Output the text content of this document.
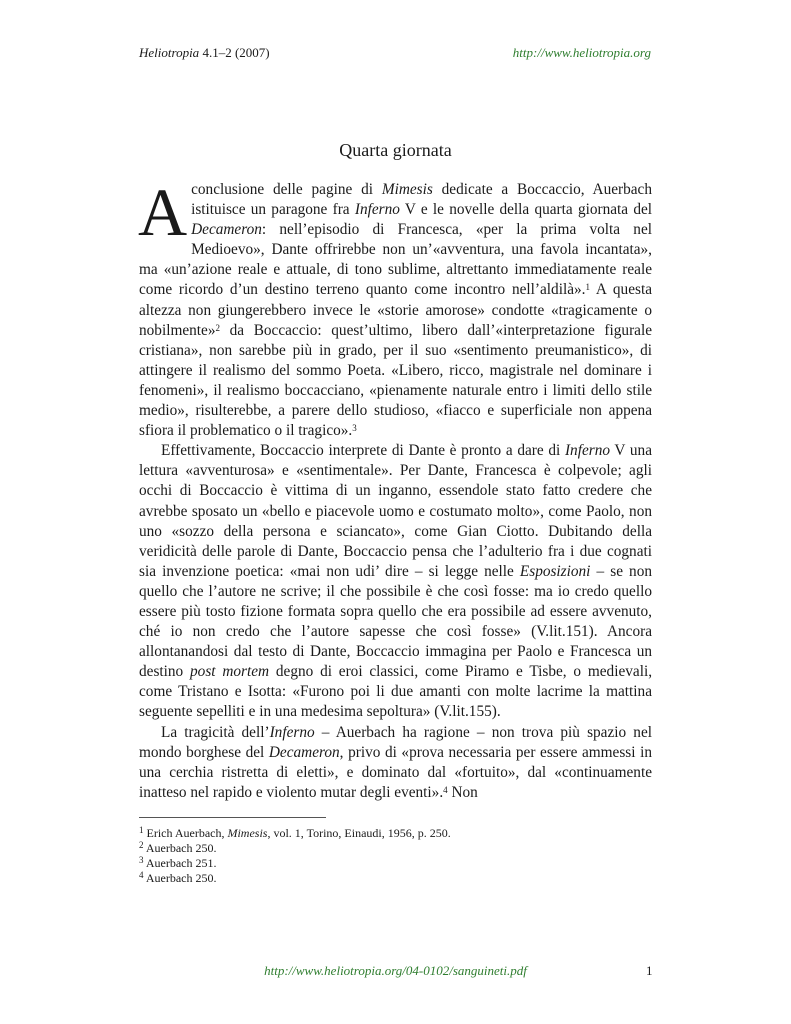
Heliotropia 4.1–2 (2007)	http://www.heliotropia.org
Quarta giornata

Aconclusione delle pagine di Mimesis dedicate a Boccaccio, Auerbach istituisce un paragone fra Inferno V e le novelle della quarta giornata del Decameron: nell’episodio di Francesca, «per la prima volta nel Medioevo», Dante offrirebbe non un’«avventura, una favola incantata», ma «un’azione reale e attuale, di tono sublime, altrettanto immediatamente reale come ricordo d’un destino terreno quanto come incontro nell’aldilà».$^1$ A questa altezza non giungerebbero invece le «storie amorose» condotte «tragicamente o nobilmente»$^2$ da Boccaccio: quest’ultimo, libero dall’«interpretazione figurale cristiana», non sarebbe più in grado, per il suo «sentimento preumanistico», di attingere il realismo del sommo Poeta. «Libero, ricco, magistrale nel dominare i fenomeni», il realismo boccacciano, «pienamente naturale entro i limiti dello stile medio», risulterebbe, a parere dello studioso, «fiacco e superficiale non appena sfiora il problematico o il tragico».$^3$

Effettivamente, Boccaccio interprete di Dante è pronto a dare di Inferno V una lettura «avventurosa» e «sentimentale». Per Dante, Francesca è colpevole; agli occhi di Boccaccio è vittima di un inganno, essendole stato fatto credere che avrebbe sposato un «bello e piacevole uomo e costumato molto», come Paolo, non uno «sozzo della persona e sciancato», come Gian Ciotto. Dubitando della veridicità delle parole di Dante, Boccaccio pensa che l’adulterio fra i due cognati sia invenzione poetica: «mai non udi’ dire – si legge nelle Esposizioni – se non quello che l’autore ne scrive; il che possibile è che così fosse: ma io credo quello essere più tosto fizione formata sopra quello che era possibile ad essere avvenuto, ché io non credo che l’autore sapesse che così fosse» (V.lit.151). Ancora allontanandosi dal testo di Dante, Boccaccio immagina per Paolo e Francesca un destino post mortem degno di eroi classici, come Piramo e Tisbe, o medievali, come Tristano e Isotta: «Furono poi li due amanti con molte lacrime la mattina seguente sepelliti e in una medesima sepoltura» (V.lit.155).

La tragicità dell’Inferno – Auerbach ha ragione – non trova più spazio nel mondo borghese del Decameron, privo di «prova necessaria per essere ammessi in una cerchia ristretta di eletti», e dominato dal «fortuito», dal «continuamente inatteso nel rapido e violento mutar degli eventi».$^4$ Non

$^1$ Erich Auerbach, Mimesis, vol. 1, Torino, Einaudi, 1956, p. 250.
$^2$ Auerbach 250.
$^3$ Auerbach 251.
$^4$ Auerbach 250.
http://www.heliotropia.org/04-0102/sanguineti.pdf	1
